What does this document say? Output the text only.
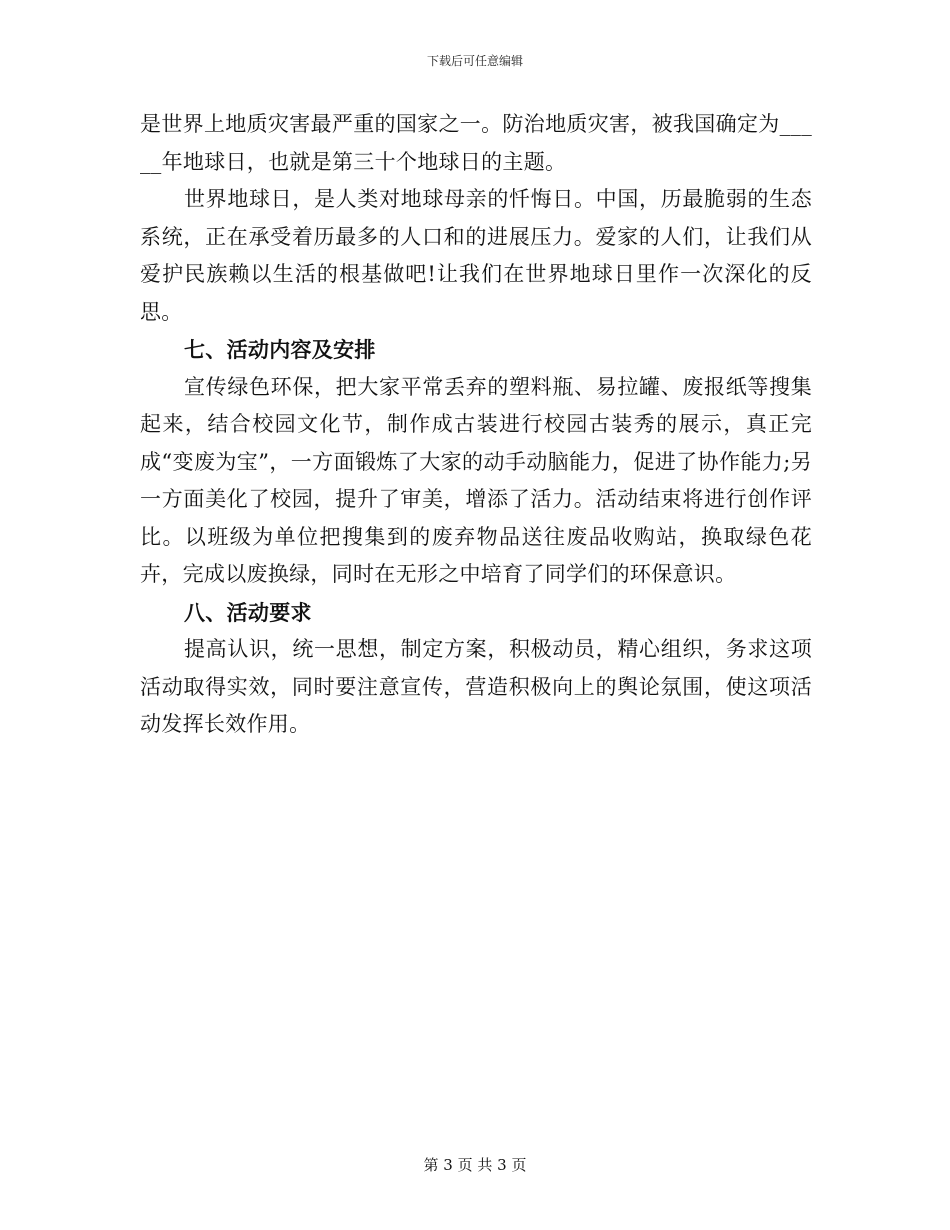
下载后可任意编辑

是世界上地质灾害最严重的国家之一。防治地质灾害，被我国确定为_____年地球日，也就是第三十个地球日的主题。

世界地球日，是人类对地球母亲的忏悔日。中国，历最脆弱的生态系统，正在承受着历最多的人口和的进展压力。爱家的人们，让我们从爱护民族赖以生活的根基做吧!让我们在世界地球日里作一次深化的反思。

七、活动内容及安排

宣传绿色环保，把大家平常丢弃的塑料瓶、易拉罐、废报纸等搜集起来，结合校园文化节，制作成古装进行校园古装秀的展示，真正完成“变废为宝”，一方面锻炼了大家的动手动脑能力，促进了协作能力;另一方面美化了校园，提升了审美，增添了活力。活动结束将进行创作评比。以班级为单位把搜集到的废弃物品送往废品收购站，换取绿色花卉，完成以废换绿，同时在无形之中培育了同学们的环保意识。

八、活动要求

提高认识，统一思想，制定方案，积极动员，精心组织，务求这项活动取得实效，同时要注意宣传，营造积极向上的舆论氛围，使这项活动发挥长效作用。

第 3 页 共 3 页
